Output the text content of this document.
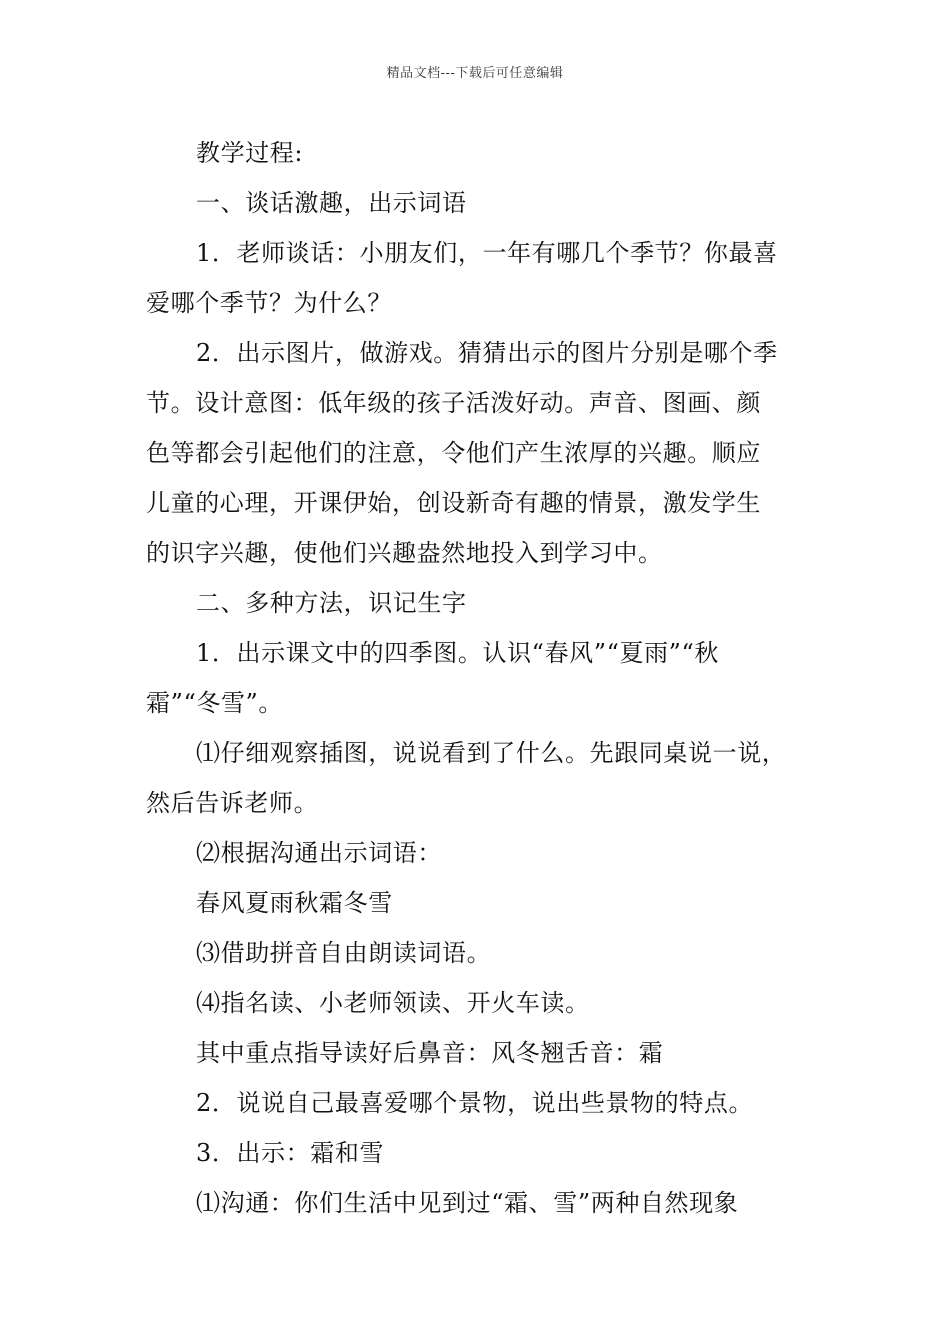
精品文档---下载后可任意编辑
教学过程:
一、谈话激趣，出示词语
1．老师谈话：小朋友们，一年有哪几个季节？你最喜
爱哪个季节？为什么？
2．出示图片，做游戏。猜猜出示的图片分别是哪个季
节。设计意图：低年级的孩子活泼好动。声音、图画、颜
色等都会引起他们的注意，令他们产生浓厚的兴趣。顺应
儿童的心理，开课伊始，创设新奇有趣的情景，激发学生
的识字兴趣，使他们兴趣盎然地投入到学习中。
二、多种方法，识记生字
1．出示课文中的四季图。认识“春风”“夏雨”“秋
霜”“冬雪”。
⑴仔细观察插图，说说看到了什么。先跟同桌说一说，
然后告诉老师。
⑵根据沟通出示词语：
春风夏雨秋霜冬雪
⑶借助拼音自由朗读词语。
⑷指名读、小老师领读、开火车读。
其中重点指导读好后鼻音：风冬翘舌音：霜
2．说说自己最喜爱哪个景物，说出些景物的特点。
3．出示：霜和雪
⑴沟通：你们生活中见到过“霜、雪”两种自然现象
